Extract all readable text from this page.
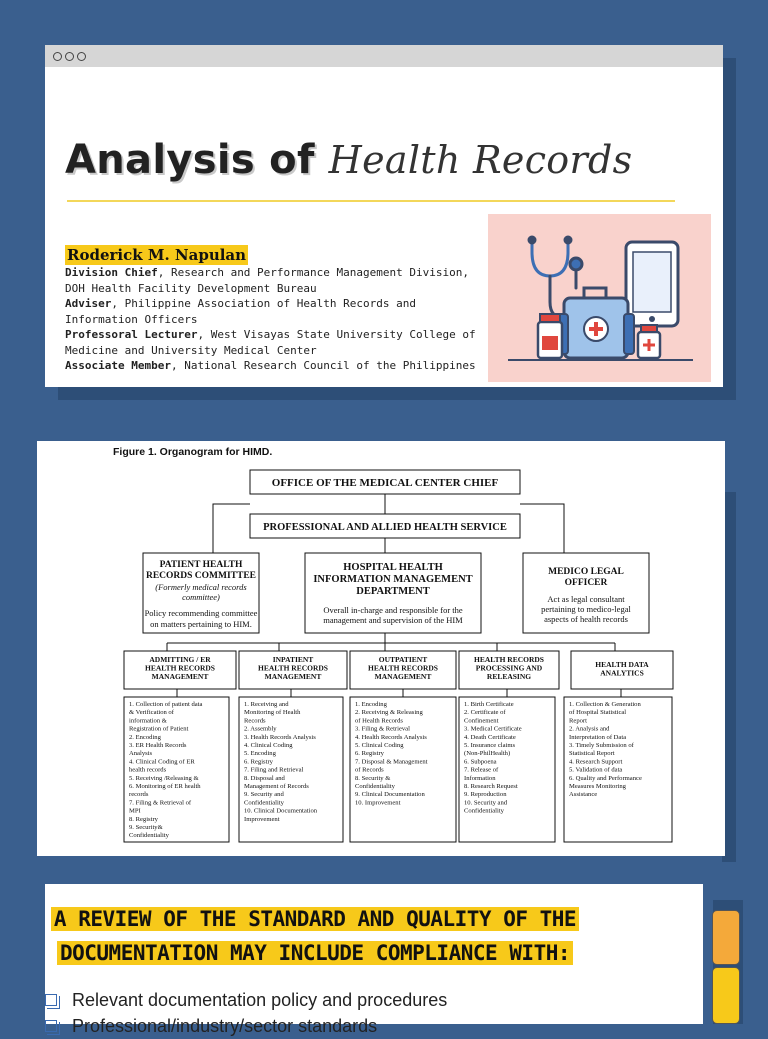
Analysis of Health Records
Roderick M. Napulan
Division Chief, Research and Performance Management Division, DOH Health Facility Development Bureau
Adviser, Philippine Association of Health Records and Information Officers
Professoral Lecturer, West Visayas State University College of Medicine and University Medical Center
Associate Member, National Research Council of the Philippines
Figure 1. Organogram for HIMD.
OFFICE OF THE MEDICAL CENTER CHIEF
PROFESSIONAL AND ALLIED HEALTH SERVICE
PATIENT HEALTH
RECORDS COMMITTEE
(Formerly medical records
committee)
Policy recommending committee
on matters pertaining to HIM.
HOSPITAL HEALTH
INFORMATION MANAGEMENT
DEPARTMENT
Overall in-charge and responsible for the
management and supervision of the HIM
MEDICO LEGAL
OFFICER
Act as legal consultant
pertaining to medico-legal
aspects of health records
ADMITTING / ER
HEALTH RECORDS
MANAGEMENT
1. Collection of patient data
& Verification of
information &
Registration of Patient
2. Encoding
3. ER Health Records
Analysis
4. Clinical Coding of ER
health records
5. Receiving /Releasing &
6. Monitoring of ER health
records
7. Filing & Retrieval of
MPI
8. Registry
9. Security&
Confidentiality
INPATIENT
HEALTH RECORDS
MANAGEMENT
1. Receiving and
Monitoring of Health
Records
2. Assembly
3. Health Records Analysis
4. Clinical Coding
5. Encoding
6. Registry
7. Filing and Retrieval
8. Disposal and
Management of Records
9. Security and
Confidentiality
10. Clinical Documentation
Improvement
OUTPATIENT
HEALTH RECORDS
MANAGEMENT
1. Encoding
2. Receiving & Releasing
of Health Records
3. Filing & Retrieval
4. Health Records Analysis
5. Clinical Coding
6. Registry
7. Disposal & Management
of Records
8. Security &
Confidentiality
9. Clinical Documentation
10. Improvement
HEALTH RECORDS
PROCESSING AND
RELEASING
1. Birth Certificate
2. Certificate of
Confinement
3. Medical Certificate
4. Death Certificate
5. Insurance claims
(Non-PhilHealth)
6. Subpoena
7. Release of
Information
8. Research Request
9. Reproduction
10. Security and
Confidentiality
HEALTH DATA
ANALYTICS
1. Collection & Generation
of Hospital Statistical
Report
2. Analysis and
Interpretation of Data
3. Timely Submission of
Statistical Report
4. Research Support
5. Validation of data
6. Quality and Performance
Measures Monitoring
Assistance
A REVIEW OF THE STANDARD AND QUALITY OF THE DOCUMENTATION MAY INCLUDE COMPLIANCE WITH:
Relevant documentation policy and procedures
Professional/industry/sector standards
